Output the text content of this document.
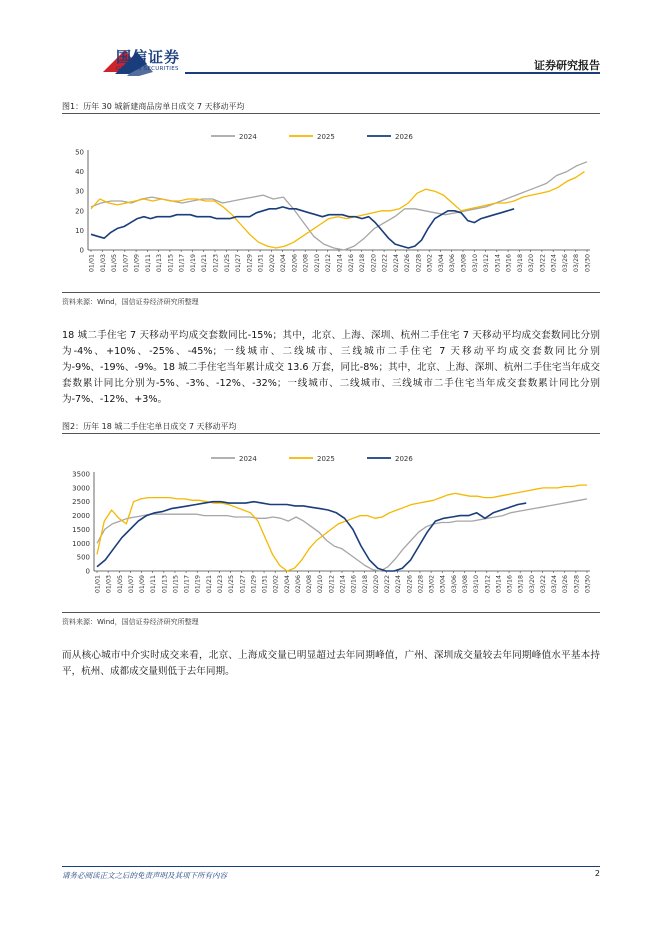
国信证券
GUOSEN SECURITIES	证券研究报告
图1：历年 30 城新建商品房单日成交 7 天移动平均
2024	2025	2026
0
10
20
30
40
50
01/01 01/03 01/05 01/07 01/09 01/11 01/13 01/15 01/17 01/19 01/21 01/23 01/25 01/27 01/29 01/31 02/02 02/04 02/06 02/08 02/10 02/12 02/14 02/16 02/18 02/20 02/22 02/24 02/26 02/28 03/02 03/04 03/06 03/08 03/10 03/12 03/14 03/16 03/18 03/20 03/22 03/24 03/26 03/28 03/30
资料来源：Wind，国信证券经济研究所整理
18 城二手住宅 7 天移动平均成交套数同比-15%；其中，北京、上海、深圳、杭州二手住宅 7 天移动平均成交套数同比分别为-4%、+10%、-25%、-45%；一线城市、二线城市、三线城市二手住宅 7 天移动平均成交套数同比分别为-9%、-19%、-9%。18 城二手住宅当年累计成交 13.6 万套，同比-8%；其中，北京、上海、深圳、杭州二手住宅当年成交套数累计同比分别为-5%、-3%、-12%、-32%；一线城市、二线城市、三线城市二手住宅当年成交套数累计同比分别为-7%、-12%、+3%。
图2：历年 18 城二手住宅单日成交 7 天移动平均
2024	2025	2026
0
500
1000
1500
2000
2500
3000
3500
01/01 01/03 01/05 01/07 01/09 01/11 01/13 01/15 01/17 01/19 01/21 01/23 01/25 01/27 01/29 01/31 02/02 02/04 02/06 02/08 02/10 02/12 02/14 02/16 02/18 02/20 02/22 02/24 02/26 02/28 03/02 03/04 03/06 03/08 03/10 03/12 03/14 03/16 03/18 03/20 03/22 03/24 03/26 03/28 03/30
资料来源：Wind，国信证券经济研究所整理
而从核心城市中介实时成交来看，北京、上海成交量已明显超过去年同期峰值，广州、深圳成交量较去年同期峰值水平基本持平，杭州、成都成交量则低于去年同期。
请务必阅读正文之后的免责声明及其项下所有内容	2
